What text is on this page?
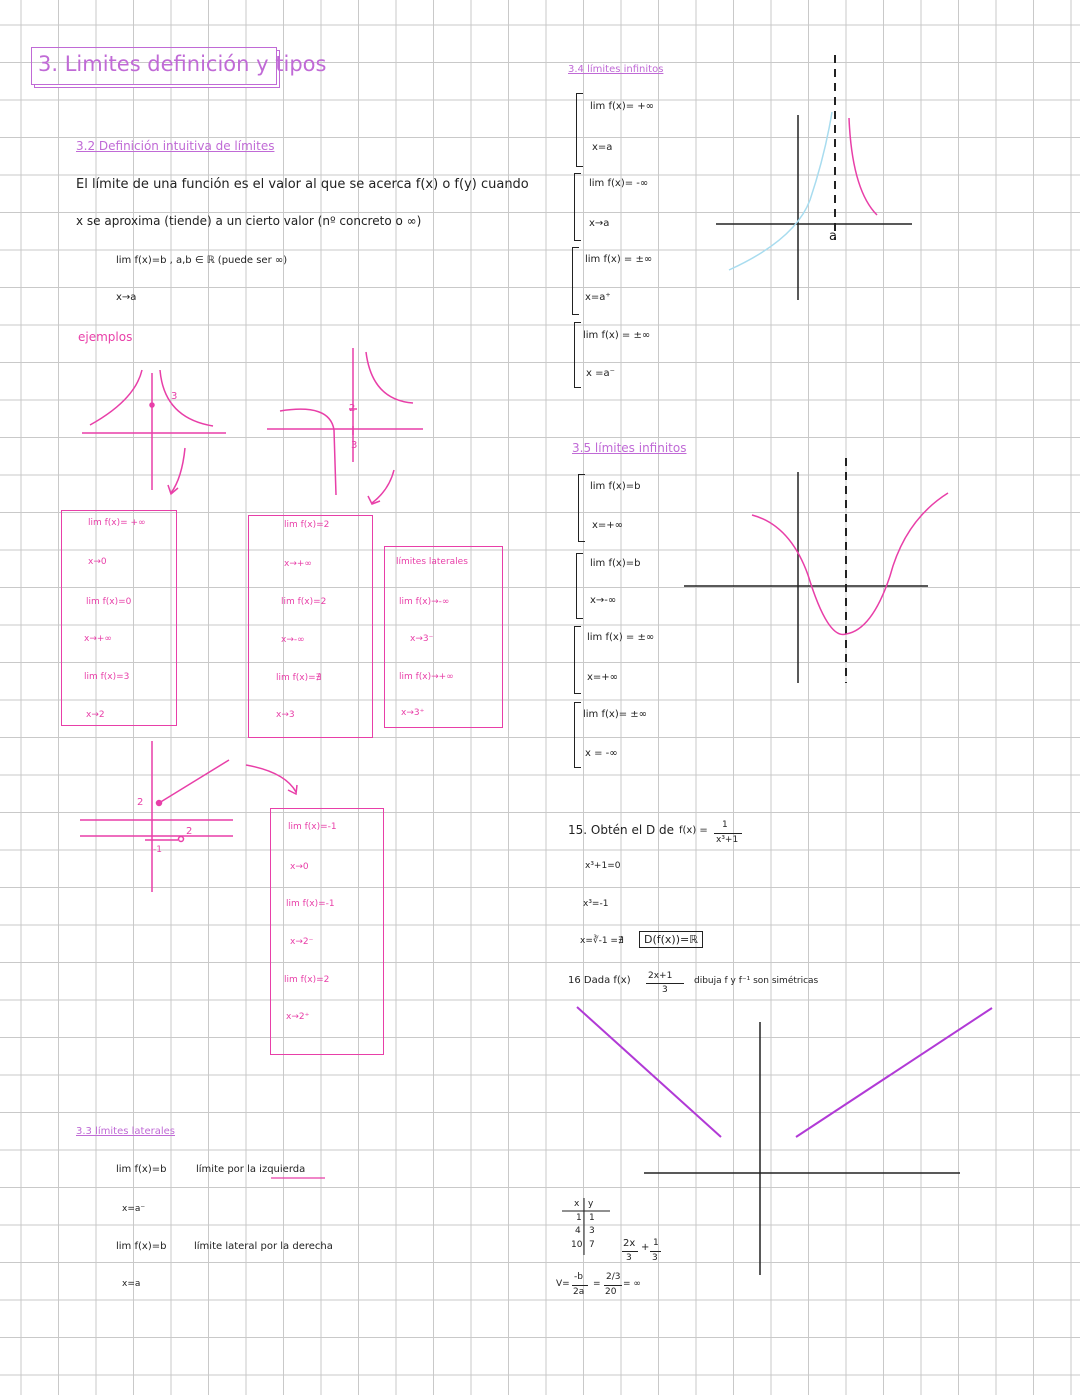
3. Limites definición y tipos
3.2 Definición intuitiva de límites
El límite de una función es el valor al que se acerca f(x) o f(y) cuando
x se aproxima (tiende) a un cierto valor (nº concreto o ∞)
lim f(x)=b , a,b ∈ ℝ (puede ser ∞)
x→a
ejemplos
3
2
3
lim f(x)= +∞
x→0
lim f(x)=0
x→+∞
lim f(x)=3
x→2
lim f(x)=2
x→+∞
lim f(x)=2
x→-∞
lim f(x)=∄
x→3
límites laterales
lim f(x)→-∞
x→3⁻
lim f(x)→+∞
x→3⁺
2
2
-1
lim f(x)=-1
x→0
lim f(x)=-1
x→2⁻
lim f(x)=2
x→2⁺
3.3 límites laterales
lim f(x)=b	límite por la izquierda
x=a⁻
lim f(x)=b	límite lateral por la derecha
x=a
3.4 límites infinitos
lim f(x)= +∞
x=a
lim f(x)= -∞
x→a
lim f(x) = ±∞
x=a⁺
lim f(x) = ±∞
x =a⁻
a
3.5 límites infinitos
lim f(x)=b
x=+∞
lim f(x)=b
x→-∞
lim f(x) = ±∞
x=+∞
lim f(x)= ±∞
x = -∞
15. Obtén el D de f(x) = 1
x³+1
x³+1=0
x³=-1
x=∛-1 =∄	D(f(x))=ℝ
16 Dada f(x) 2x+1
3
dibuja f y f⁻¹ son simétricas
x y
1 1
4 3
10 7	2x
3
+ 1
3
V=
-b
2a
=
2/3
20
= ∞
